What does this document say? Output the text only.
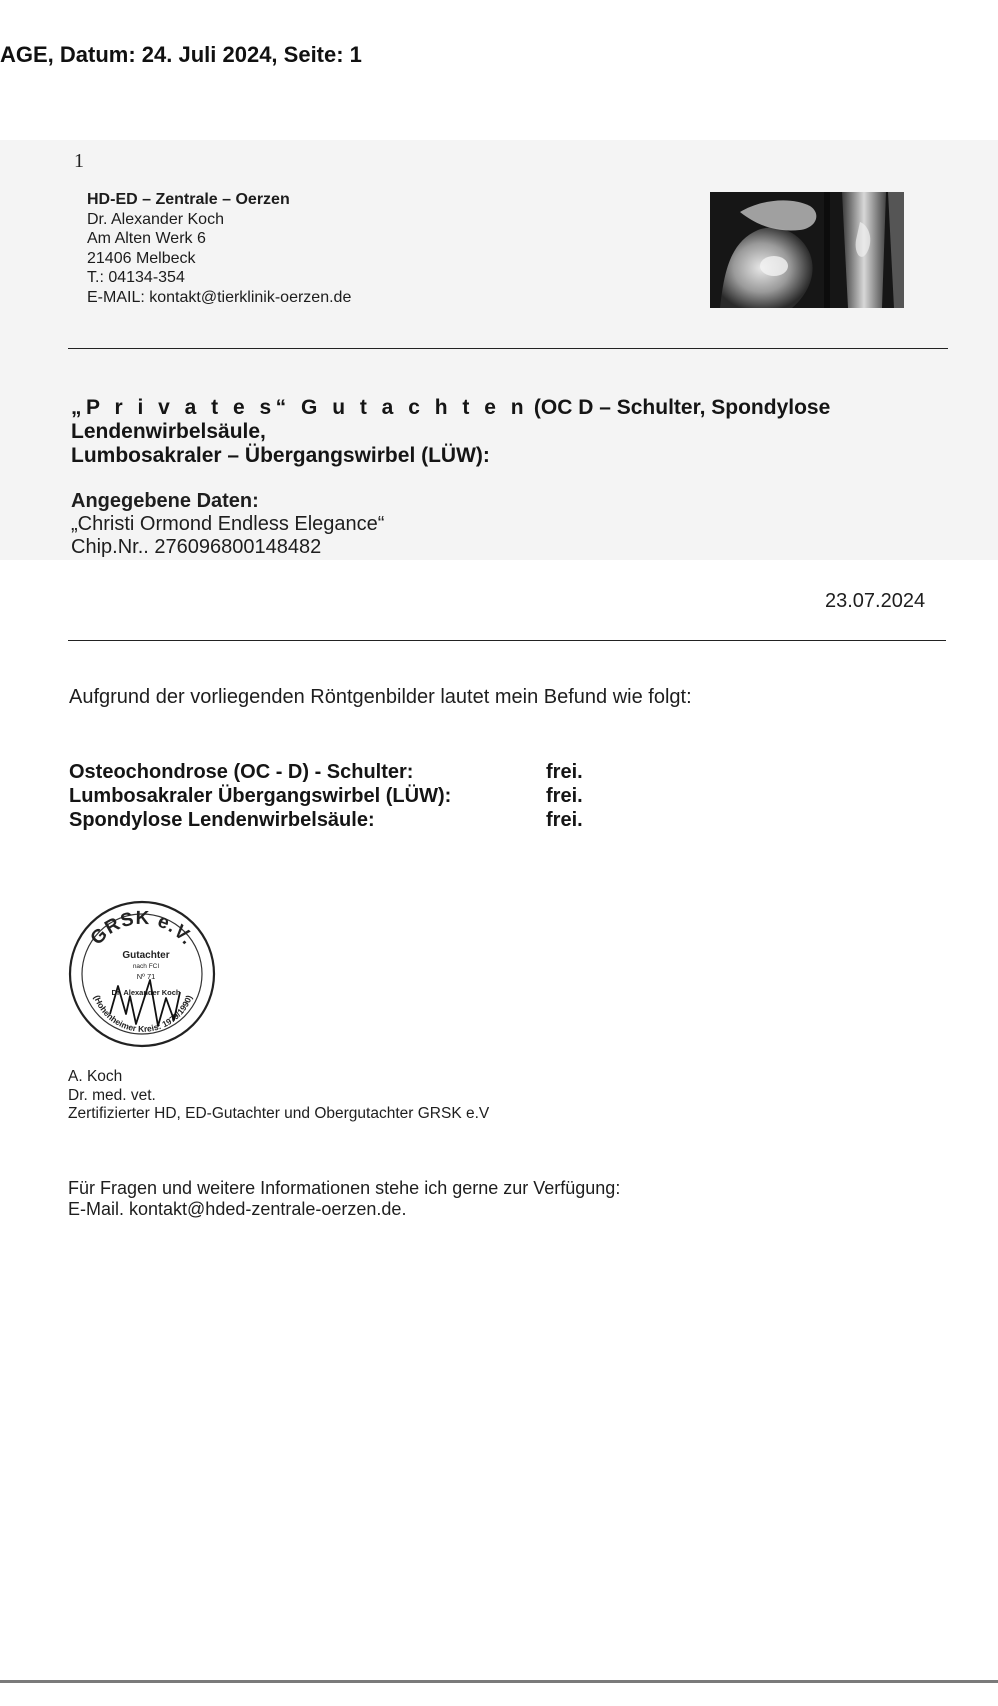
AGE, Datum: 24. Juli 2024, Seite: 1
1
HD-ED – Zentrale – Oerzen
Dr. Alexander Koch
Am Alten Werk 6
21406 Melbeck
T.: 04134-354
E-MAIL: kontakt@tierklinik-oerzen.de
„P r i v a t e s“ G u t a c h t e n (OC D – Schulter, Spondylose Lendenwirbelsäule,
Lumbosakraler – Übergangswirbel (LÜW):
Angegebene Daten:
„Christi Ormond Endless Elegance“
Chip.Nr.. 276096800148482
23.07.2024
Aufgrund der vorliegenden Röntgenbilder lautet mein Befund wie folgt:
Osteochondrose (OC - D) - Schulter:	frei.
Lumbosakraler Übergangswirbel (LÜW):	frei.
Spondylose Lendenwirbelsäule:	frei.
GRSK e.V.
(Hohenheimer Kreis: 1979/1990)
Gutachter
nach FCI
Nº 71
Dr. Alexander Koch
A. Koch
Dr. med. vet.
Zertifizierter HD, ED-Gutachter und Obergutachter GRSK e.V
Für Fragen und weitere Informationen stehe ich gerne zur Verfügung:
E-Mail. kontakt@hded-zentrale-oerzen.de.
